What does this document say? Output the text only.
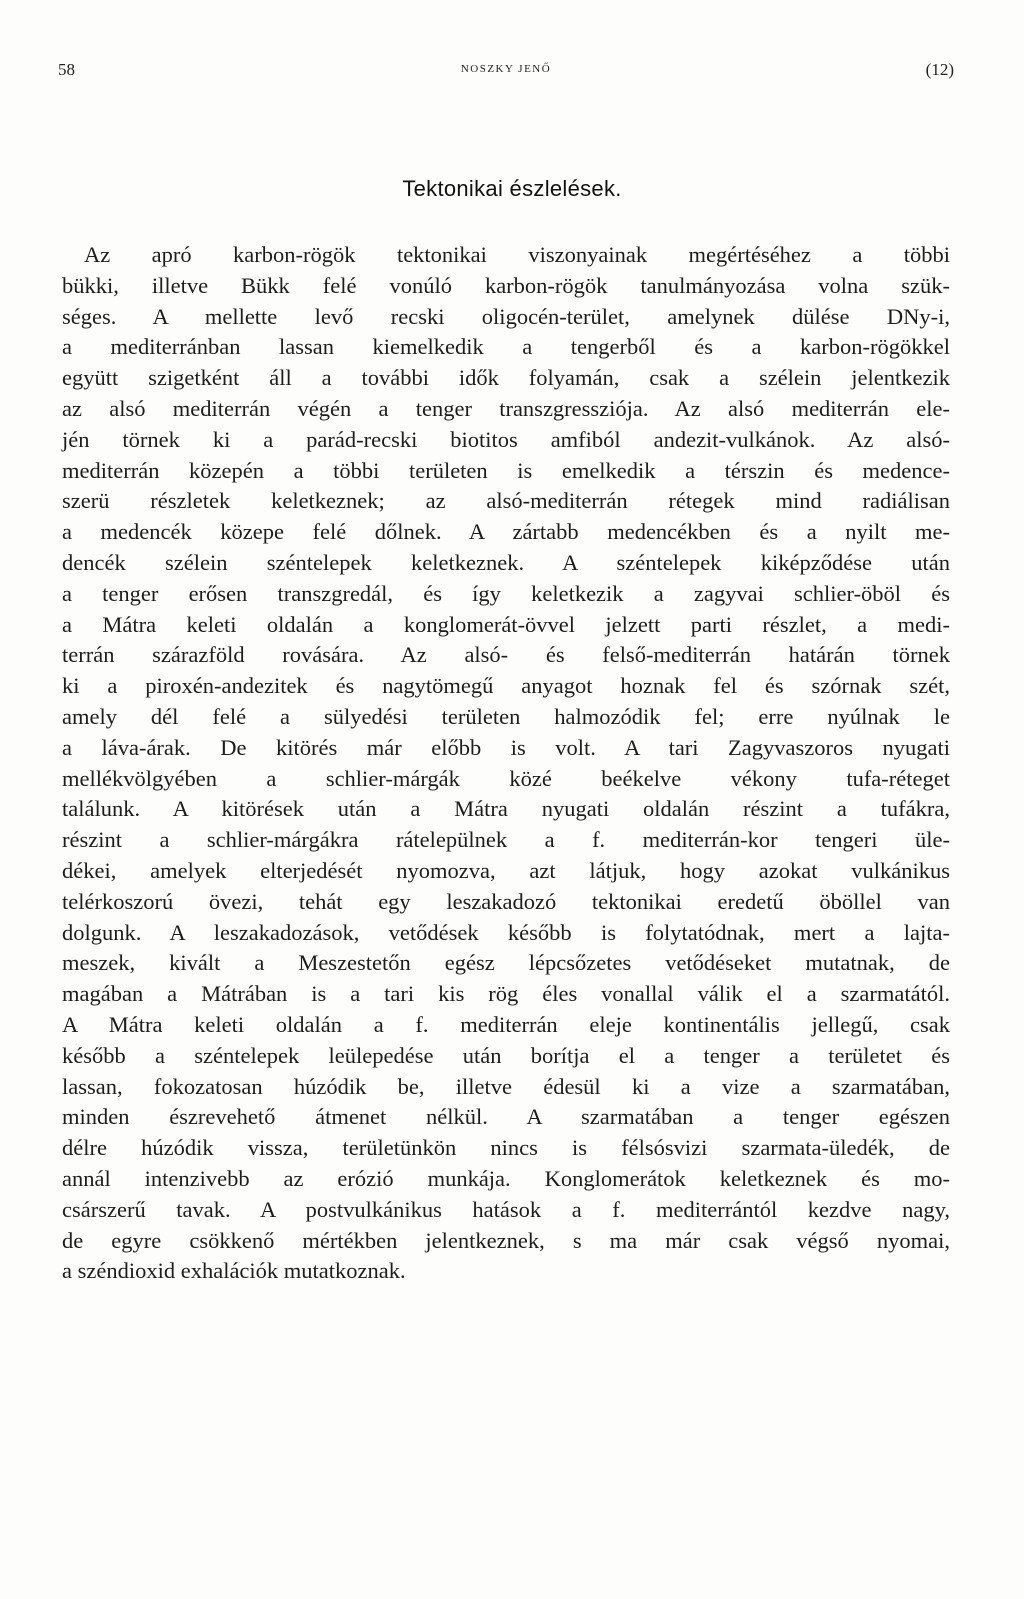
58	NOSZKY JENŐ	(12)
Tektonikai észlelések.
Az apró karbon-rögök tektonikai viszonyainak megértéséhez a többi
bükki, illetve Bükk felé vonúló karbon-rögök tanulmányozása volna szük-
séges. A mellette levő recski oligocén-terület, amelynek dülése DNy-i,
a mediterránban lassan kiemelkedik a tengerből és a karbon-rögökkel
együtt szigetként áll a további idők folyamán, csak a szélein jelentkezik
az alsó mediterrán végén a tenger transzgressziója. Az alsó mediterrán ele-
jén törnek ki a parád-recski biotitos amfiból andezit-vulkánok. Az alsó-
mediterrán közepén a többi területen is emelkedik a térszin és medence-
szerü részletek keletkeznek; az alsó-mediterrán rétegek mind radiálisan
a medencék közepe felé dőlnek. A zártabb medencékben és a nyilt me-
dencék szélein széntelepek keletkeznek. A széntelepek kiképződése után
a tenger erősen transzgredál, és így keletkezik a zagyvai schlier-öböl és
a Mátra keleti oldalán a konglomerát-övvel jelzett parti részlet, a medi-
terrán szárazföld rovására. Az alsó- és felső-mediterrán határán törnek
ki a piroxén-andezitek és nagytömegű anyagot hoznak fel és szórnak szét,
amely dél felé a sülyedési területen halmozódik fel; erre nyúlnak le
a láva-árak. De kitörés már előbb is volt. A tari Zagyvaszoros nyugati
mellékvölgyében a schlier-márgák közé beékelve vékony tufa-réteget
találunk. A kitörések után a Mátra nyugati oldalán részint a tufákra,
részint a schlier-márgákra rátelepülnek a f. mediterrán-kor tengeri üle-
dékei, amelyek elterjedését nyomozva, azt látjuk, hogy azokat vulkánikus
telérkoszorú övezi, tehát egy leszakadozó tektonikai eredetű öböllel van
dolgunk. A leszakadozások, vetődések később is folytatódnak, mert a lajta-
meszek, kivált a Meszestetőn egész lépcsőzetes vetődéseket mutatnak, de
magában a Mátrában is a tari kis rög éles vonallal válik el a szarmatától.
A Mátra keleti oldalán a f. mediterrán eleje kontinentális jellegű, csak
később a széntelepek leülepedése után borítja el a tenger a területet és
lassan, fokozatosan húzódik be, illetve édesül ki a vize a szarmatában,
minden észrevehető átmenet nélkül. A szarmatában a tenger egészen
délre húzódik vissza, területünkön nincs is félsósvizi szarmata-üledék, de
annál intenzivebb az erózió munkája. Konglomerátok keletkeznek és mo-
csárszerű tavak. A postvulkánikus hatások a f. mediterrántól kezdve nagy,
de egyre csökkenő mértékben jelentkeznek, s ma már csak végső nyomai,
a széndioxid exhalációk mutatkoznak.
